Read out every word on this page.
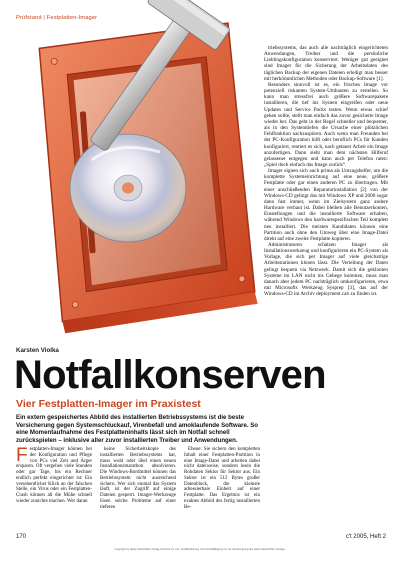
Prüfstand | Festplatten-Imager

triebssystems, das auch alle nachträglich eingerichteten Anwendungen, Treiber und die persönliche Lieblingskonfiguration konserviert. Weniger gut geeignet sind Imager für die Sicherung der Arbeitsdaten des täglichen Backup der eigenen Dateien erledigt man besser mit herkömmlichen Methoden oder Backup-Software [1].

Besonders sinnvoll ist es, ein frisches Image vor potenziell riskanten System-Umbauten zu erstellen. So kann man stressfrei auch größere Softwarepakete installieren, die tief ins System eingreifen oder neue Updates und Service Packs testen. Wenn etwas schief gehen sollte, stellt man einfach das zuvor gesicherte Image wieder her. Das geht in der Regel schneller und bequemer, als in den Systemtiefen die Ursache einer plötzlichen Fehlfunktion nachzuspüren. Auch wenn man Freunden bei der PC-Konfiguration hilft oder beruflich PCs für Kunden konfiguriert, rentiert es sich, nach getaner Arbeit ein Image anzufertigen. Dann sieht man dem nächsten Hilferuf gelassener entgegen und kann auch per Telefon raten: „Spiel doch einfach das Image zurück“.

Imager eignen sich auch prima als Umzugshelfer, um die komplette Systemeinrichtung auf eine neue, größere Festplatte oder gar einen anderen PC zu übertragen. Mit einer anschließenden Reparaturinstallation [2] von der Windows-CD gelingt das mit Windows XP und 2000 sogar dann fast immer, wenn im Zielsystem ganz andere Hardware verbaut ist. Dabei bleiben alle Benutzerkonten, Einstellungen und die installierte Software erhalten, während Windows den hardwarespezifischen Teil komplett neu installiert. Die meisten Kandidaten können eine Partition auch ohne den Umweg über eine Image-Datei direkt auf eine zweite Festplatte kopieren.

Administratoren schätzen Imager als Installationswerkzeug und konfigurieren ein PC-System als Vorlage, die sich per Imager auf viele gleichartige Arbeitsstationen klonen lässt. Die Verteilung der Daten gelingt bequem via Netzwerk. Damit sich die geklonten Systeme im LAN nicht ins Gehege kommen, muss man danach aber jedem PC nachträglich umkonfigurieren, etwa mit Microsofts Werkzeug Sysprep [3], das auf der Windows-CD im Archiv deployment.cab zu finden ist.

Karsten Violka
Notfallkonserven
Vier Festplatten-Imager im Praxistest

Ein extern gespeichertes Abbild des installierten Betriebssystems ist die beste Versicherung gegen Systemschluckauf, Virenbefall und amoklaufende Software. So eine Momentaufnahme des Festplatteninhalts lässt sich im Notfall schnell zurückspielen – inklusive aller zuvor installierten Treiber und Anwendungen.

Festplatten-Imager können bei der Konfiguration und Pflege von PCs viel Zeit und Ärger ersparen. Oft vergehen viele Stunden oder gar Tage, bis ein Rechner endlich perfekt eingerichtet ist: Ein versehentlicher Klick an der falschen Stelle, ein Virus oder ein Festplatten-Crash können all die Mühe schnell wieder zunichte machen. Wer daran

keine Sicherheitskopie des installierten Betriebssystems hat, muss wohl oder übel einen neuen Installationsmarathon absolvieren. Die Windows-Bordmittel können das Betriebssystem nicht ausreichend sichern. Wer sich einmal das System läuft, ist der Zugriff auf einige Dateien gesperrt. Imager-Werkzeuge lösen solche Probleme auf einer tieferen

Ebene: Sie sichern den kompletten Inhalt einer Festplatten-Partition in eine Image-Datei und arbeiten dabei nicht dateiweise, sondern lesen die Rohdaten Sektor für Sektor aus. Ein Sektor ist ein 512 Bytes großer Datenblock, die kleinste adressierbare Einheit auf einer Festplatte. Das Ergebnis ist ein exaktes Abbild des fertig installierten Be-

170	c't 2005, Heft 2
Copyright by Heise Zeitschriften Verlag GmbH & Co. KG. Veröffentlichung und Vervielfältigung nur mit Genehmigung des Heise Zeitschriften Verlags.
